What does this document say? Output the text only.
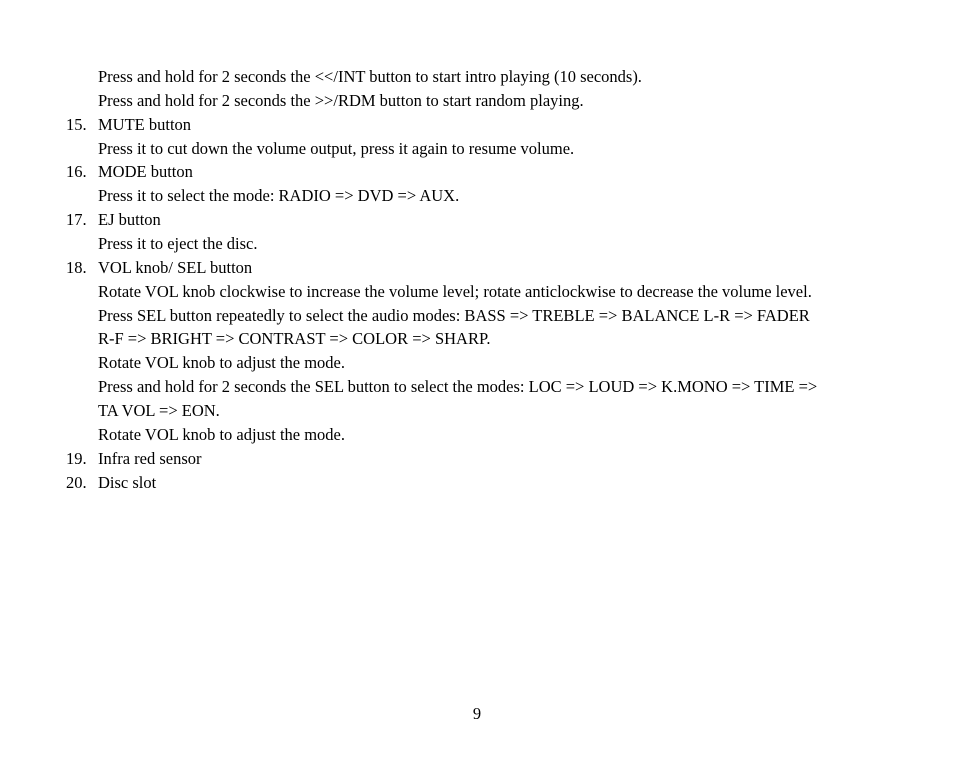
Press and hold for 2 seconds the <</INT button to start intro playing (10 seconds).
Press and hold for 2 seconds the >>/RDM button to start random playing.
15. MUTE button
Press it to cut down the volume output, press it again to resume volume.
16. MODE button
Press it to select the mode: RADIO => DVD => AUX.
17. EJ button
Press it to eject the disc.
18. VOL knob/ SEL button
Rotate VOL knob clockwise to increase the volume level; rotate anticlockwise to decrease the volume level.
Press SEL button repeatedly to select the audio modes: BASS => TREBLE => BALANCE L-R => FADER
R-F => BRIGHT => CONTRAST => COLOR => SHARP.
Rotate VOL knob to adjust the mode.
Press and hold for 2 seconds the SEL button to select the modes: LOC => LOUD => K.MONO => TIME =>
TA VOL => EON.
Rotate VOL knob to adjust the mode.
19. Infra red sensor
20. Disc slot
9
